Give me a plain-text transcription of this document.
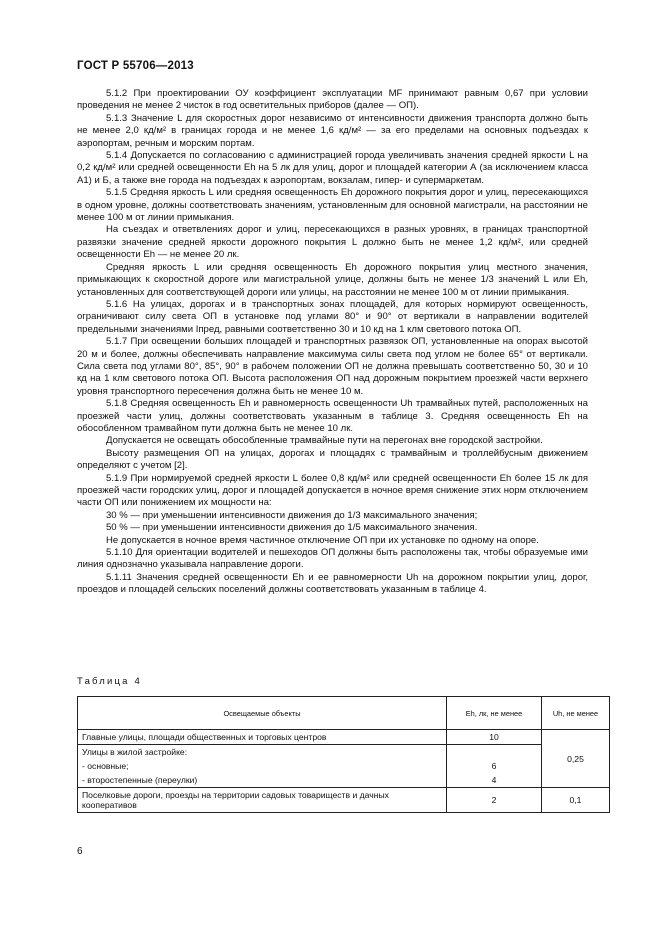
ГОСТ Р 55706—2013

5.1.2 При проектировании ОУ коэффициент эксплуатации MF принимают равным 0,67 при условии проведения не менее 2 чисток в год осветительных приборов (далее — ОП).

5.1.3 Значение L для скоростных дорог независимо от интенсивности движения транспорта должно быть не менее 2,0 кд/м² в границах города и не менее 1,6 кд/м² — за его пределами на основных подъездах к аэропортам, речным и морским портам.

5.1.4 Допускается по согласованию с администрацией города увеличивать значения средней яркости L на 0,2 кд/м² или средней освещенности Eh на 5 лк для улиц, дорог и площадей категории А (за исключением класса А1) и Б, а также вне города на подъездах к аэропортам, вокзалам, гипер- и супермаркетам.

5.1.5 Средняя яркость L или средняя освещенность Eh дорожного покрытия дорог и улиц, пересекающихся в одном уровне, должны соответствовать значениям, установленным для основной магистрали, на расстоянии не менее 100 м от линии примыкания.

На съездах и ответвлениях дорог и улиц, пересекающихся в разных уровнях, в границах транспортной развязки значение средней яркости дорожного покрытия L должно быть не менее 1,2 кд/м², или средней освещенности Eh — не менее 20 лк.

Средняя яркость L или средняя освещенность Eh дорожного покрытия улиц местного значения, примыкающих к скоростной дороге или магистральной улице, должны быть не менее 1/3 значений L или Eh, установленных для соответствующей дороги или улицы, на расстоянии не менее 100 м от линии примыкания.

5.1.6 На улицах, дорогах и в транспортных зонах площадей, для которых нормируют освещенность, ограничивают силу света ОП в установке под углами 80° и 90° от вертикали в направлении водителей предельными значениями Iпред, равными соответственно 30 и 10 кд на 1 клм светового потока ОП.

5.1.7 При освещении больших площадей и транспортных развязок ОП, установленные на опорах высотой 20 м и более, должны обеспечивать направление максимума силы света под углом не более 65° от вертикали. Сила света под углами 80°, 85°, 90° в рабочем положении ОП не должна превышать соответственно 50, 30 и 10 кд на 1 клм светового потока ОП. Высота расположения ОП над дорожным покрытием проезжей части верхнего уровня транспортного пересечения должна быть не менее 10 м.

5.1.8 Средняя освещенность Eh и равномерность освещенности Uh трамвайных путей, расположенных на проезжей части улиц, должны соответствовать указанным в таблице 3. Средняя освещенность Eh на обособленном трамвайном пути должна быть не менее 10 лк.

Допускается не освещать обособленные трамвайные пути на перегонах вне городской застройки.

Высоту размещения ОП на улицах, дорогах и площадях с трамвайным и троллейбусным движением определяют с учетом [2].

5.1.9 При нормируемой средней яркости L более 0,8 кд/м² или средней освещенности Eh более 15 лк для проезжей части городских улиц, дорог и площадей допускается в ночное время снижение этих норм отключением части ОП или понижением их мощности на:

30 % — при уменьшении интенсивности движения до 1/3 максимального значения;

50 % — при уменьшении интенсивности движения до 1/5 максимального значения.

Не допускается в ночное время частичное отключение ОП при их установке по одному на опоре.

5.1.10 Для ориентации водителей и пешеходов ОП должны быть расположены так, чтобы образуемые ими линия однозначно указывала направление дороги.

5.1.11 Значения средней освещенности Eh и ее равномерности Uh на дорожном покрытии улиц, дорог, проездов и площадей сельских поселений должны соответствовать указанным в таблице 4.

Таблица 4
Освещаемые объекты	Eh, лк, не менее	Uh, не менее
Главные улицы, площади общественных и торговых центров	10	0,25
Улицы в жилой застройке:		
- основные;	6	
- второстепенные (переулки)	4	
Поселковые дороги, проезды на территории садовых товариществ и дачных кооперативов	2	0,1
6
